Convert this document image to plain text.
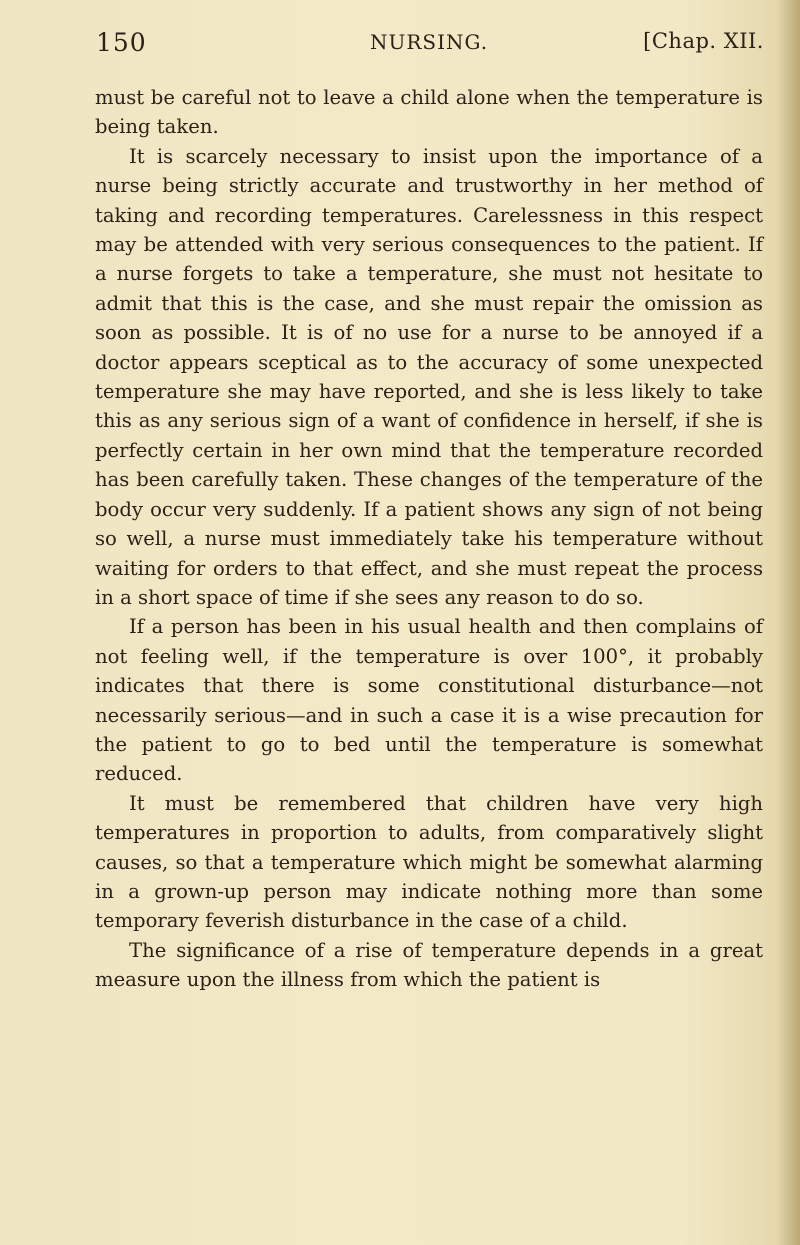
150	NURSING.	[Chap. XII.

must be careful not to leave a child alone when the temperature is being taken.

It is scarcely necessary to insist upon the importance of a nurse being strictly accurate and trustworthy in her method of taking and recording temperatures. Carelessness in this respect may be attended with very serious consequences to the patient. If a nurse forgets to take a temperature, she must not hesitate to admit that this is the case, and she must repair the omission as soon as possible. It is of no use for a nurse to be annoyed if a doctor appears sceptical as to the accuracy of some unexpected temperature she may have reported, and she is less likely to take this as any serious sign of a want of confidence in herself, if she is perfectly certain in her own mind that the temperature recorded has been carefully taken. These changes of the temperature of the body occur very suddenly. If a patient shows any sign of not being so well, a nurse must immediately take his temperature without waiting for orders to that effect, and she must repeat the process in a short space of time if she sees any reason to do so.

If a person has been in his usual health and then complains of not feeling well, if the temperature is over 100°, it probably indicates that there is some constitutional disturbance—not necessarily serious—and in such a case it is a wise precaution for the patient to go to bed until the temperature is somewhat reduced.

It must be remembered that children have very high temperatures in proportion to adults, from comparatively slight causes, so that a temperature which might be somewhat alarming in a grown-up person may indicate nothing more than some temporary feverish disturbance in the case of a child.

The significance of a rise of temperature depends in a great measure upon the illness from which the patient is
